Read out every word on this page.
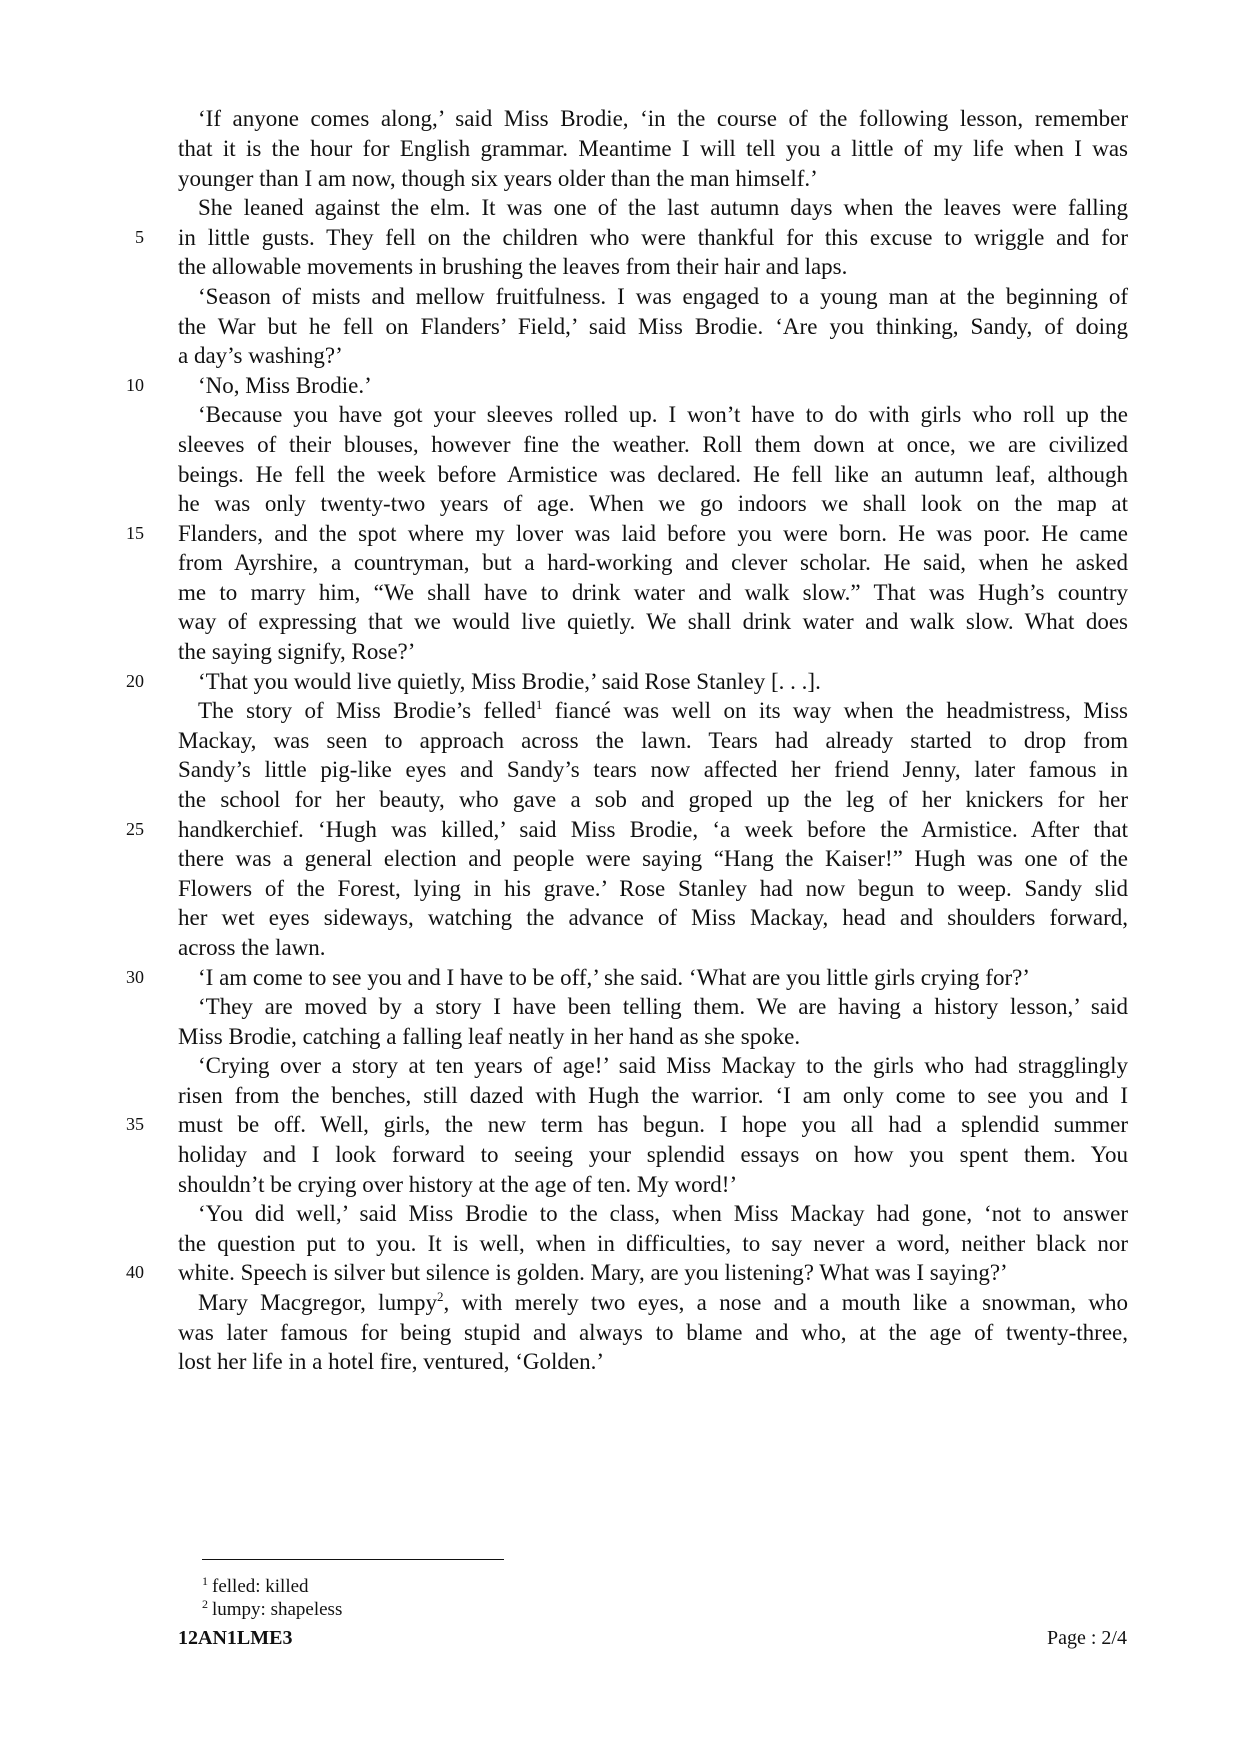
‘If anyone comes along,’ said Miss Brodie, ‘in the course of the following lesson, remember
that it is the hour for English grammar. Meantime I will tell you a little of my life when I was
younger than I am now, though six years older than the man himself.’
She leaned against the elm. It was one of the last autumn days when the leaves were falling
in little gusts. They fell on the children who were thankful for this excuse to wriggle and for
the allowable movements in brushing the leaves from their hair and laps.
‘Season of mists and mellow fruitfulness. I was engaged to a young man at the beginning of
the War but he fell on Flanders’ Field,’ said Miss Brodie. ‘Are you thinking, Sandy, of doing
a day’s washing?’
‘No, Miss Brodie.’
‘Because you have got your sleeves rolled up. I won’t have to do with girls who roll up the
sleeves of their blouses, however fine the weather. Roll them down at once, we are civilized
beings. He fell the week before Armistice was declared. He fell like an autumn leaf, although
he was only twenty-two years of age. When we go indoors we shall look on the map at
Flanders, and the spot where my lover was laid before you were born. He was poor. He came
from Ayrshire, a countryman, but a hard-working and clever scholar. He said, when he asked
me to marry him, “We shall have to drink water and walk slow.” That was Hugh’s country
way of expressing that we would live quietly. We shall drink water and walk slow. What does
the saying signify, Rose?’
‘That you would live quietly, Miss Brodie,’ said Rose Stanley [. . .].
The story of Miss Brodie’s felled$^1$ fiancé was well on its way when the headmistress, Miss
Mackay, was seen to approach across the lawn. Tears had already started to drop from
Sandy’s little pig-like eyes and Sandy’s tears now affected her friend Jenny, later famous in
the school for her beauty, who gave a sob and groped up the leg of her knickers for her
handkerchief. ‘Hugh was killed,’ said Miss Brodie, ‘a week before the Armistice. After that
there was a general election and people were saying “Hang the Kaiser!” Hugh was one of the
Flowers of the Forest, lying in his grave.’ Rose Stanley had now begun to weep. Sandy slid
her wet eyes sideways, watching the advance of Miss Mackay, head and shoulders forward,
across the lawn.
‘I am come to see you and I have to be off,’ she said. ‘What are you little girls crying for?’
‘They are moved by a story I have been telling them. We are having a history lesson,’ said
Miss Brodie, catching a falling leaf neatly in her hand as she spoke.
‘Crying over a story at ten years of age!’ said Miss Mackay to the girls who had stragglingly
risen from the benches, still dazed with Hugh the warrior. ‘I am only come to see you and I
must be off. Well, girls, the new term has begun. I hope you all had a splendid summer
holiday and I look forward to seeing your splendid essays on how you spent them. You
shouldn’t be crying over history at the age of ten. My word!’
‘You did well,’ said Miss Brodie to the class, when Miss Mackay had gone, ‘not to answer
the question put to you. It is well, when in difficulties, to say never a word, neither black nor
white. Speech is silver but silence is golden. Mary, are you listening? What was I saying?’
Mary Macgregor, lumpy$^2$, with merely two eyes, a nose and a mouth like a snowman, who
was later famous for being stupid and always to blame and who, at the age of twenty-three,
lost her life in a hotel fire, ventured, ‘Golden.’
5
10
15
20
25
30
35
40
$^1$ felled: killed
$^2$ lumpy: shapeless
12AN1LME3	Page : 2/4
